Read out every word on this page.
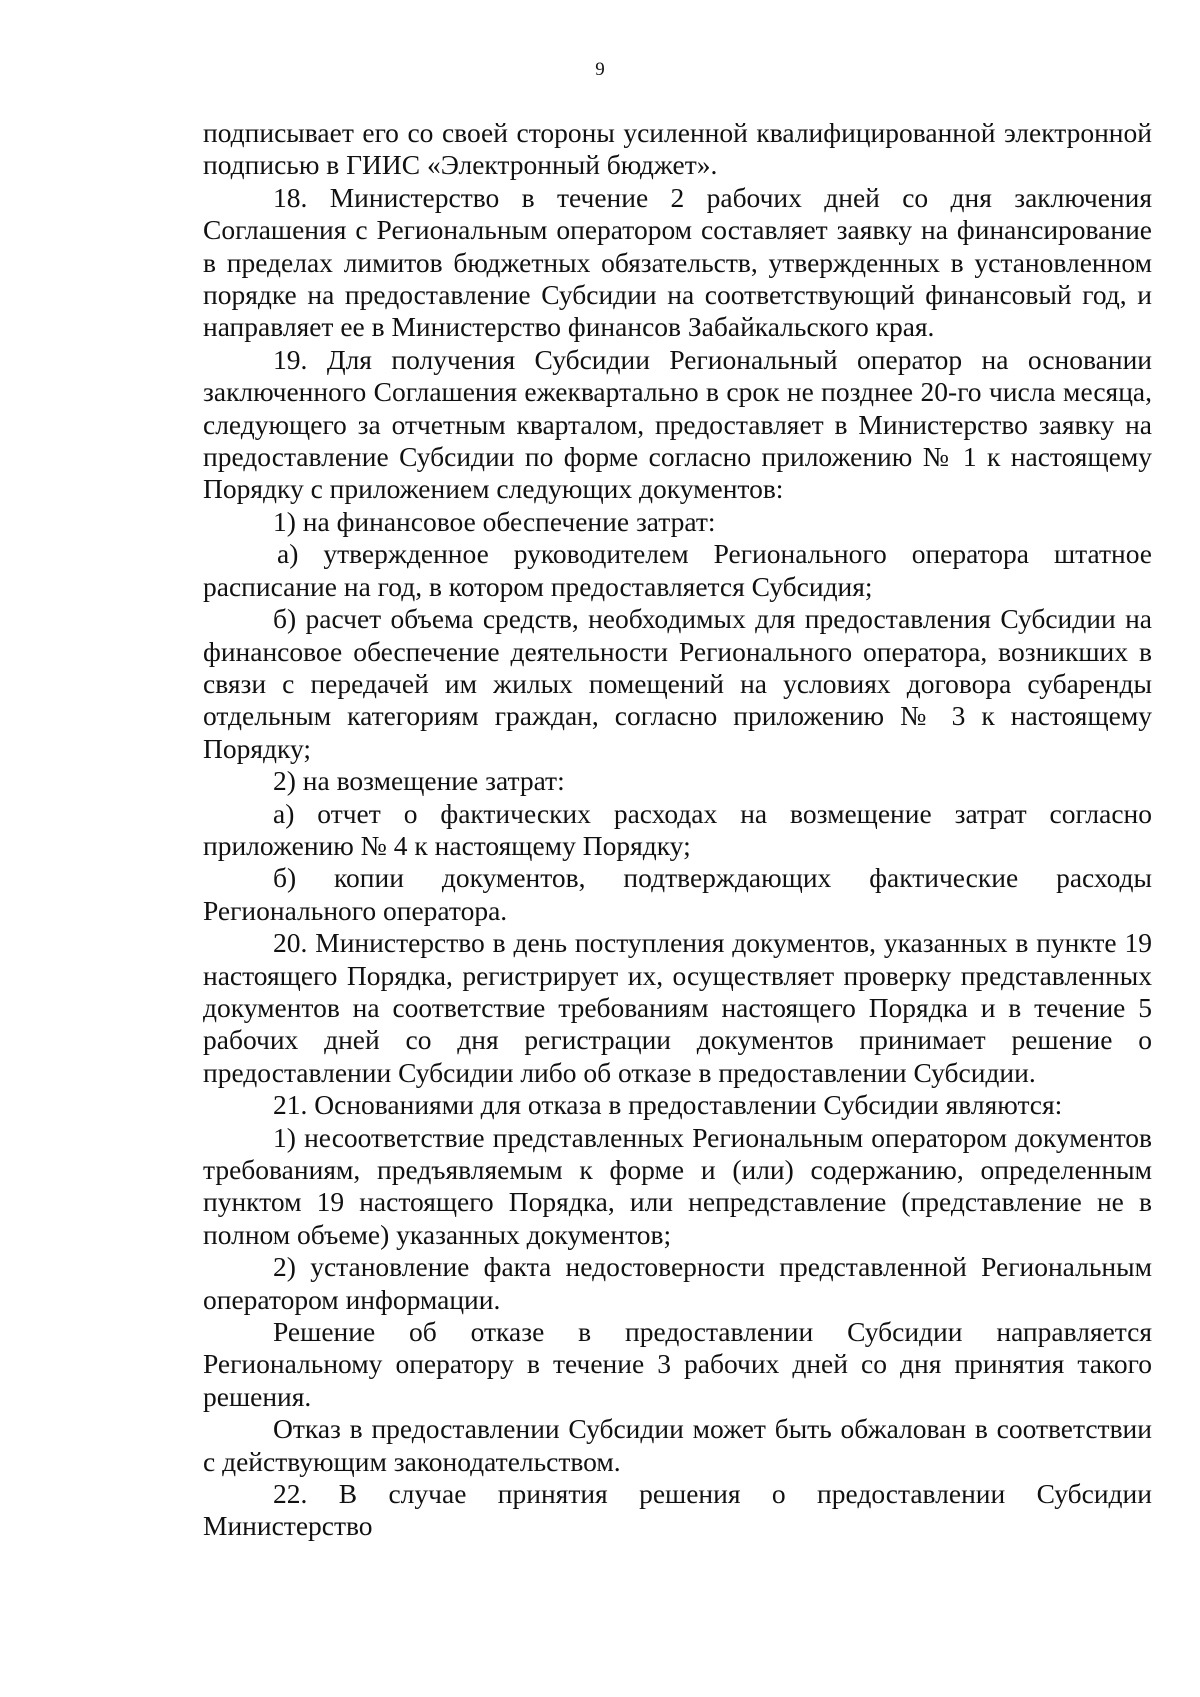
9

подписывает его со своей стороны усиленной квалифицированной электронной подписью в ГИИС «Электронный бюджет».

18. Министерство в течение 2 рабочих дней со дня заключения Соглашения с Региональным оператором составляет заявку на финансирование в пределах лимитов бюджетных обязательств, утвержденных в установленном порядке на предоставление Субсидии на соответствующий финансовый год, и направляет ее в Министерство финансов Забайкальского края.

19. Для получения Субсидии Региональный оператор на основании заключенного Соглашения ежеквартально в срок не позднее 20-го числа месяца, следующего за отчетным кварталом, предоставляет в Министерство заявку на предоставление Субсидии по форме согласно приложению № 1 к настоящему Порядку с приложением следующих документов:

1) на финансовое обеспечение затрат:

а) утвержденное руководителем Регионального оператора штатное расписание на год, в котором предоставляется Субсидия;

б) расчет объема средств, необходимых для предоставления Субсидии на финансовое обеспечение деятельности Регионального оператора, возникших в связи с передачей им жилых помещений на условиях договора субаренды отдельным категориям граждан, согласно приложению № 3 к настоящему Порядку;

2) на возмещение затрат:

а) отчет о фактических расходах на возмещение затрат согласно приложению № 4 к настоящему Порядку;

б) копии документов, подтверждающих фактические расходы Регионального оператора.

20. Министерство в день поступления документов, указанных в пункте 19 настоящего Порядка, регистрирует их, осуществляет проверку представленных документов на соответствие требованиям настоящего Порядка и в течение 5 рабочих дней со дня регистрации документов принимает решение о предоставлении Субсидии либо об отказе в предоставлении Субсидии.

21. Основаниями для отказа в предоставлении Субсидии являются:

1) несоответствие представленных Региональным оператором документов требованиям, предъявляемым к форме и (или) содержанию, определенным пунктом 19 настоящего Порядка, или непредставление (представление не в полном объеме) указанных документов;

2) установление факта недостоверности представленной Региональным оператором информации.

Решение об отказе в предоставлении Субсидии направляется Региональному оператору в течение 3 рабочих дней со дня принятия такого решения.

Отказ в предоставлении Субсидии может быть обжалован в соответствии с действующим законодательством.

22. В случае принятия решения о предоставлении Субсидии Министерство
